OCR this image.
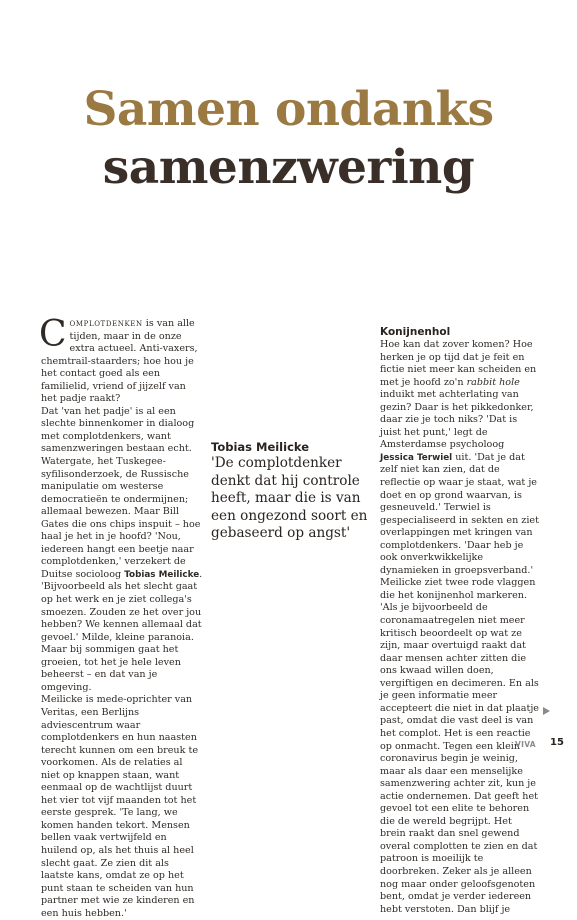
Samen ondanks
samenzwering

Complotdenken is van alle tijden, maar in de onze extra actueel. Anti-vaxers, chemtrail-staarders; hoe hou je het contact goed als een familielid, vriend of jijzelf van het padje raakt?

Dat 'van het padje' is al een slechte binnenkomer in dialoog met complotdenkers, want samenzweringen bestaan echt. Watergate, het Tuskegee-syfilisonderzoek, de Russische manipulatie om westerse democratieën te ondermijnen; allemaal bewezen. Maar Bill Gates die ons chips inspuit – hoe haal je het in je hoofd? 'Nou, iedereen hangt een beetje naar complotdenken,' verzekert de Duitse socioloog Tobias Meilicke. 'Bijvoorbeeld als het slecht gaat op het werk en je ziet collega's smoezen. Zouden ze het over jou hebben? We kennen allemaal dat gevoel.' Milde, kleine paranoia. Maar bij sommigen gaat het groeien, tot het je hele leven beheerst – en dat van je omgeving.

Meilicke is mede-oprichter van Veritas, een Berlijns adviescentrum waar complotdenkers en hun naasten terecht kunnen om een breuk te voorkomen. Als de relaties al niet op knappen staan, want eenmaal op de wachtlijst duurt het vier tot vijf maanden tot het eerste gesprek. 'Te lang, we komen handen tekort. Mensen bellen vaak vertwijfeld en huilend op, als het thuis al heel slecht gaat. Ze zien dit als laatste kans, omdat ze op het punt staan te scheiden van hun partner met wie ze kinderen en een huis hebben.'

Tobias Meilicke

'De complotdenker denkt dat hij controle heeft, maar die is van een ongezond soort en gebaseerd op angst'

Konijnenhol

Hoe kan dat zover komen? Hoe herken je op tijd dat je feit en fictie niet meer kan scheiden en met je hoofd zo'n rabbit hole induikt met achterlating van gezin? Daar is het pikkedonker, daar zie je toch niks? 'Dat is juist het punt,' legt de Amsterdamse psycholoog Jessica Terwiel uit. 'Dat je dat zelf niet kan zien, dat de reflectie op waar je staat, wat je doet en op grond waarvan, is gesneuveld.' Terwiel is gespecialiseerd in sekten en ziet overlappingen met kringen van complotdenkers. 'Daar heb je ook onverkwikkelijke dynamieken in groepsverband.'

Meilicke ziet twee rode vlaggen die het konijnenhol markeren. 'Als je bijvoorbeeld de coronamaatregelen niet meer kritisch beoordeelt op wat ze zijn, maar overtuigd raakt dat daar mensen achter zitten die ons kwaad willen doen, vergiftigen en decimeren. En als je geen informatie meer accepteert die niet in dat plaatje past, omdat die vast deel is van het complot. Het is een reactie op onmacht. Tegen een klein coronavirus begin je weinig, maar als daar een menselijke samenzwering achter zit, kun je actie ondernemen. Dat geeft het gevoel tot een elite te behoren die de wereld begrijpt. Het brein raakt dan snel gewend overal complotten te zien en dat patroon is moeilijk te doorbreken. Zeker als je alleen nog maar onder geloofsgenoten bent, omdat je verder iedereen hebt verstoten. Dan blijf je

VIVA 15
